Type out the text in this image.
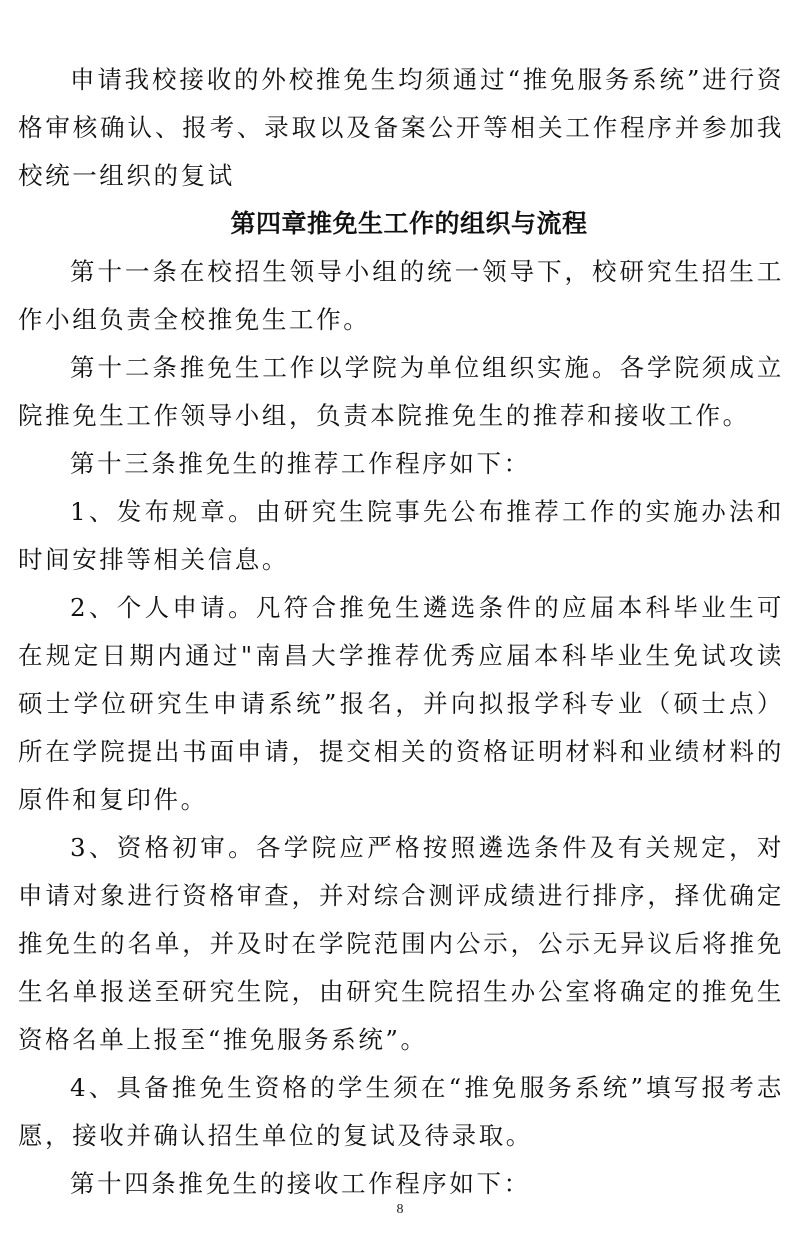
申请我校接收的外校推免生均须通过“推免服务系统”进行资格审核确认、报考、录取以及备案公开等相关工作程序并参加我校统一组织的复试

第四章推免生工作的组织与流程

第十一条在校招生领导小组的统一领导下，校研究生招生工作小组负责全校推免生工作。

第十二条推免生工作以学院为单位组织实施。各学院须成立院推免生工作领导小组，负责本院推免生的推荐和接收工作。

第十三条推免生的推荐工作程序如下：

1、发布规章。由研究生院事先公布推荐工作的实施办法和时间安排等相关信息。

2、个人申请。凡符合推免生遴选条件的应届本科毕业生可在规定日期内通过"南昌大学推荐优秀应届本科毕业生免试攻读硕士学位研究生申请系统”报名，并向拟报学科专业（硕士点）所在学院提出书面申请，提交相关的资格证明材料和业绩材料的原件和复印件。

3、资格初审。各学院应严格按照遴选条件及有关规定，对申请对象进行资格审查，并对综合测评成绩进行排序，择优确定推免生的名单，并及时在学院范围内公示，公示无异议后将推免生名单报送至研究生院，由研究生院招生办公室将确定的推免生资格名单上报至“推免服务系统”。

4、具备推免生资格的学生须在“推免服务系统”填写报考志愿，接收并确认招生单位的复试及待录取。

第十四条推免生的接收工作程序如下：

8
